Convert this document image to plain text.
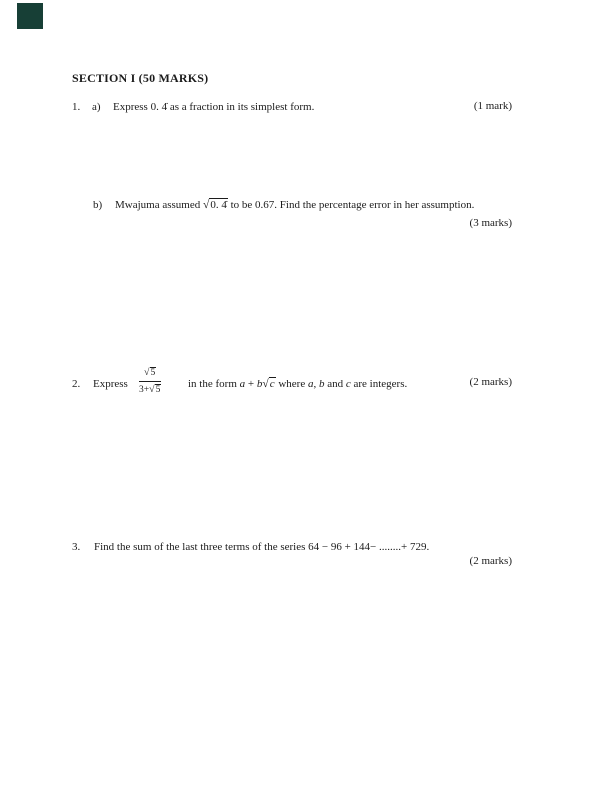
SECTION I (50 MARKS)
1. a) Express 0. 4̇ as a fraction in its simplest form.	(1 mark)
b) Mwajuma assumed √0. 4̇ to be 0.67. Find the percentage error in her assumption.
(3 marks)
2. Express $\frac{√5}{3+√5}$ in the form a + b√c where a, b and c are integers.	(2 marks)
3. Find the sum of the last three terms of the series 64 − 96 + 144− ........+ 729.
(2 marks)
